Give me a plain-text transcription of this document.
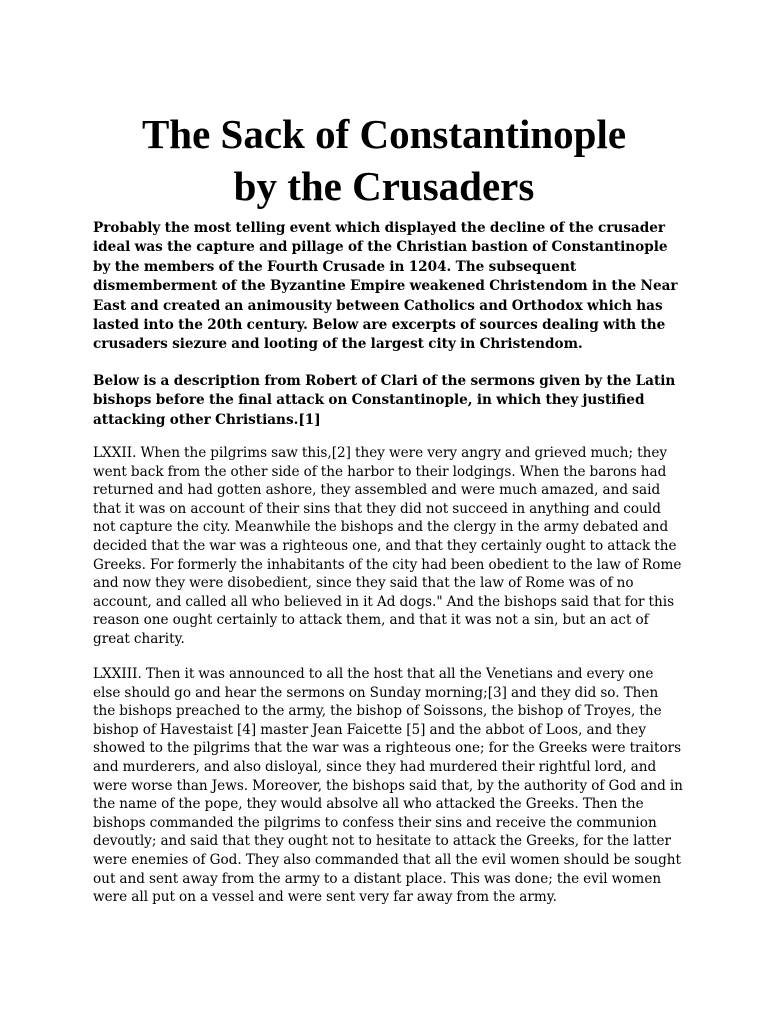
The Sack of Constantinople
by the Crusaders

Probably the most telling event which displayed the decline of the crusader ideal was the capture and pillage of the Christian bastion of Constantinople by the members of the Fourth Crusade in 1204. The subsequent dismemberment of the Byzantine Empire weakened Christendom in the Near East and created an animousity between Catholics and Orthodox which has lasted into the 20th century. Below are excerpts of sources dealing with the crusaders siezure and looting of the largest city in Christendom.

Below is a description from Robert of Clari of the sermons given by the Latin bishops before the final attack on Constantinople, in which they justified attacking other Christians.[1]

LXXII. When the pilgrims saw this,[2] they were very angry and grieved much; they went back from the other side of the harbor to their lodgings. When the barons had returned and had gotten ashore, they assembled and were much amazed, and said that it was on account of their sins that they did not succeed in anything and could not capture the city. Meanwhile the bishops and the clergy in the army debated and decided that the war was a righteous one, and that they certainly ought to attack the Greeks. For formerly the inhabitants of the city had been obedient to the law of Rome and now they were disobedient, since they said that the law of Rome was of no account, and called all who believed in it Ad dogs." And the bishops said that for this reason one ought certainly to attack them, and that it was not a sin, but an act of great charity.

LXXIII. Then it was announced to all the host that all the Venetians and every one else should go and hear the sermons on Sunday morning;[3] and they did so. Then the bishops preached to the army, the bishop of Soissons, the bishop of Troyes, the bishop of Havestaist [4] master Jean Faicette [5] and the abbot of Loos, and they showed to the pilgrims that the war was a righteous one; for the Greeks were traitors and murderers, and also disloyal, since they had murdered their rightful lord, and were worse than Jews. Moreover, the bishops said that, by the authority of God and in the name of the pope, they would absolve all who attacked the Greeks. Then the bishops commanded the pilgrims to confess their sins and receive the communion devoutly; and said that they ought not to hesitate to attack the Greeks, for the latter were enemies of God. They also commanded that all the evil women should be sought out and sent away from the army to a distant place. This was done; the evil women were all put on a vessel and were sent very far away from the army.
